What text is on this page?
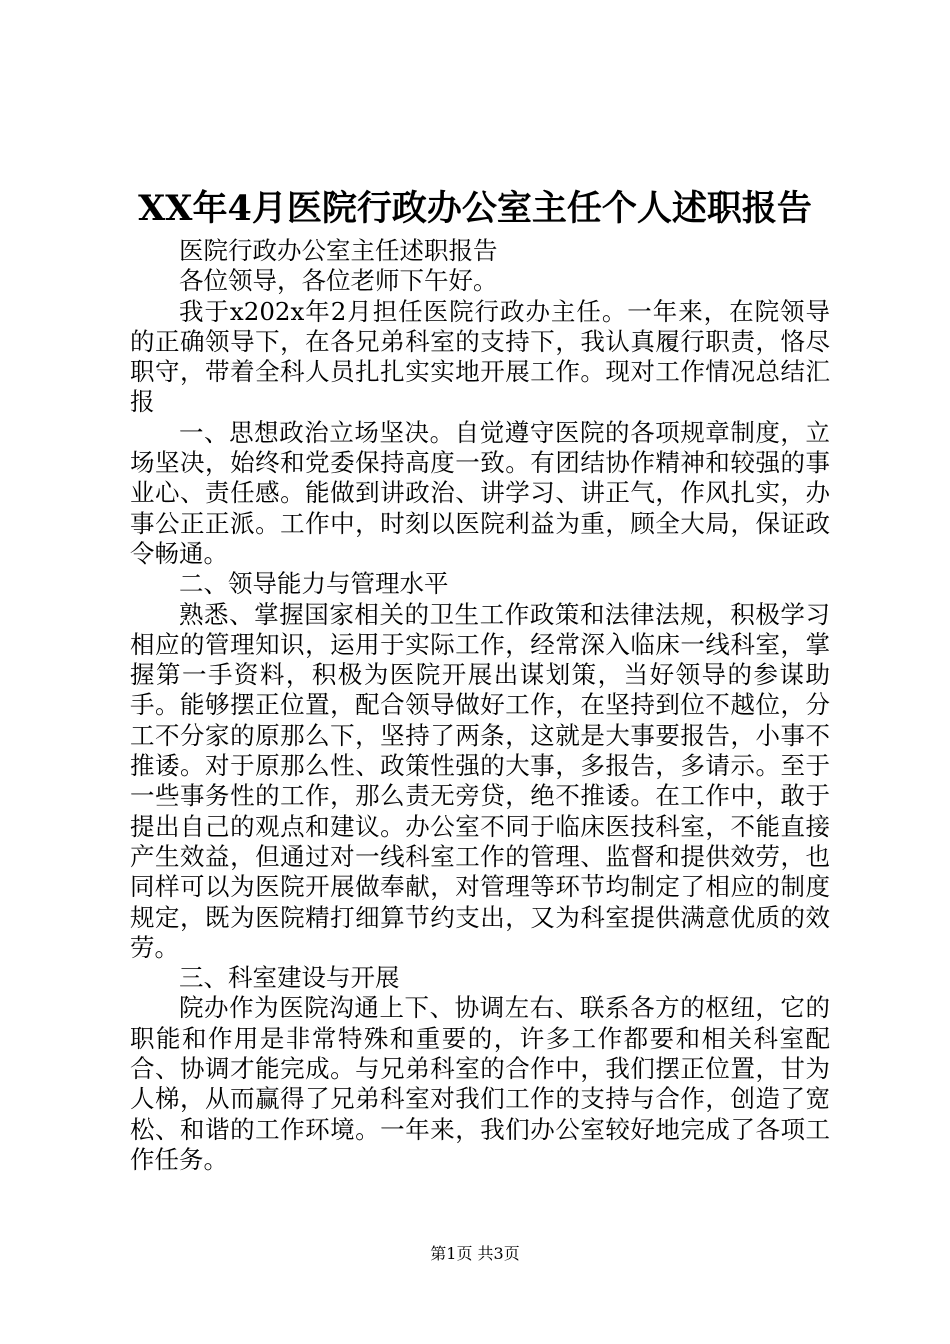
XX年4月医院行政办公室主任个人述职报告

医院行政办公室主任述职报告

各位领导，各位老师下午好。

我于x202x年2月担任医院行政办主任。一年来，在院领导的正确领导下，在各兄弟科室的支持下，我认真履行职责，恪尽职守，带着全科人员扎扎实实地开展工作。现对工作情况总结汇报

一、思想政治立场坚决。自觉遵守医院的各项规章制度，立场坚决，始终和党委保持高度一致。有团结协作精神和较强的事业心、责任感。能做到讲政治、讲学习、讲正气，作风扎实，办事公正正派。工作中，时刻以医院利益为重，顾全大局，保证政令畅通。

二、领导能力与管理水平

熟悉、掌握国家相关的卫生工作政策和法律法规，积极学习相应的管理知识，运用于实际工作，经常深入临床一线科室，掌握第一手资料，积极为医院开展出谋划策，当好领导的参谋助手。能够摆正位置，配合领导做好工作，在坚持到位不越位，分工不分家的原那么下，坚持了两条，这就是大事要报告，小事不推诿。对于原那么性、政策性强的大事，多报告，多请示。至于一些事务性的工作，那么责无旁贷，绝不推诿。在工作中，敢于提出自己的观点和建议。办公室不同于临床医技科室，不能直接产生效益，但通过对一线科室工作的管理、监督和提供效劳，也同样可以为医院开展做奉献，对管理等环节均制定了相应的制度规定，既为医院精打细算节约支出，又为科室提供满意优质的效劳。

三、科室建设与开展

院办作为医院沟通上下、协调左右、联系各方的枢纽，它的职能和作用是非常特殊和重要的，许多工作都要和相关科室配合、协调才能完成。与兄弟科室的合作中，我们摆正位置，甘为人梯，从而赢得了兄弟科室对我们工作的支持与合作，创造了宽松、和谐的工作环境。一年来，我们办公室较好地完成了各项工作任务。

第1页 共3页
